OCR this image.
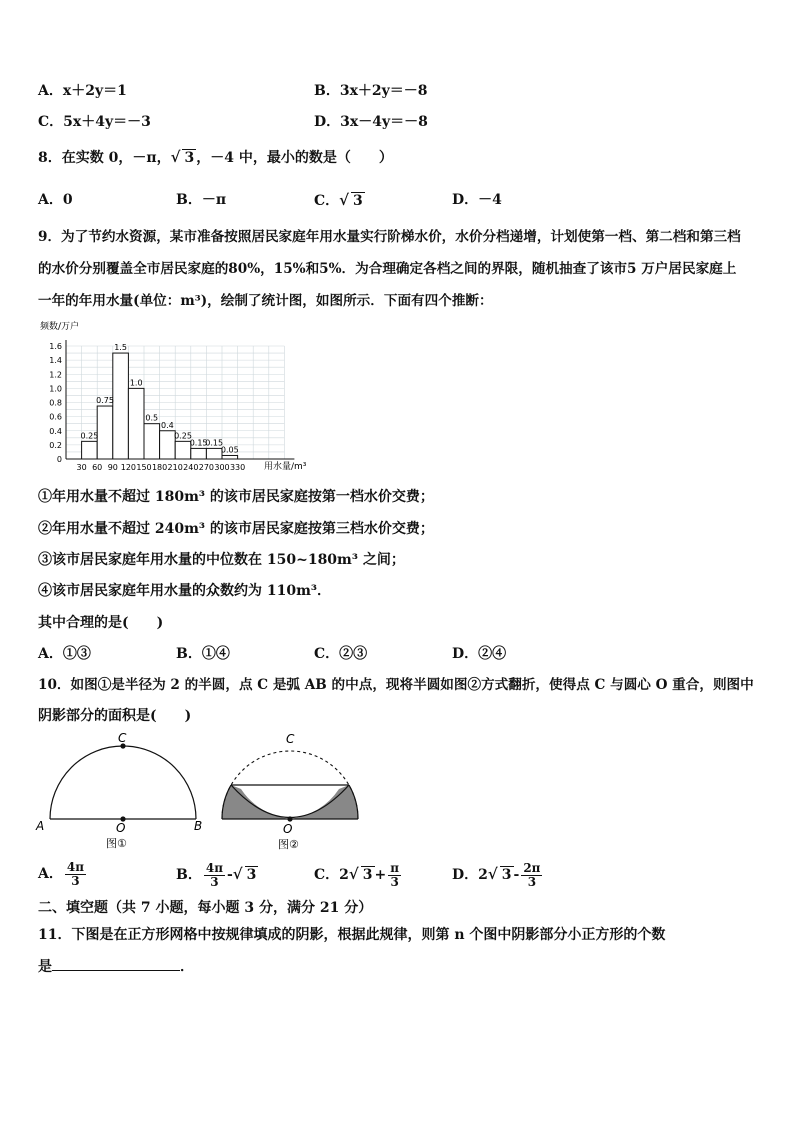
A．x＋2y＝1	B．3x＋2y＝－8
C．5x＋4y＝－3	D．3x－4y＝－8
8．在实数 0，－π，√ 3 ，－4 中，最小的数是（　　）
A．0	B．－π	C．√ 3	D．－4
9．为了节约水资源，某市准备按照居民家庭年用水量实行阶梯水价，水价分档递增，计划使第一档、第二档和第三档
的水价分别覆盖全市居民家庭的80%，15%和5%．为合理确定各档之间的界限，随机抽查了该市5 万户居民家庭上
一年的年用水量(单位：m³)，绘制了统计图，如图所示．下面有四个推断：
频数/万户
0
0.2
0.4
0.6
0.8
1.0
1.2
1.4
1.6
30 60 90 120 150 180 210 240 270 300 330
0.25
0.75
1.5
1.0
0.5
0.4
0.25
0.15
0.15
0.05
用水量/m³
①年用水量不超过 180m³ 的该市居民家庭按第一档水价交费；
②年用水量不超过 240m³ 的该市居民家庭按第三档水价交费；
③该市居民家庭年用水量的中位数在 150~180m³ 之间；
④该市居民家庭年用水量的众数约为 110m³．
其中合理的是(　　)
A．①③	B．①④	C．②③	D．②④
10．如图①是半径为 2 的半圆，点 C 是弧 AB 的中点，现将半圆如图②方式翻折，使得点 C 与圆心 O 重合，则图中
阴影部分的面积是(　　)
C
A	B
O
图①
C
O
图②
A． $\frac{4\pi}{3}$	B． $\frac{4\pi}{3}$ -√ 3	C．2√ $3 + \frac{\pi}{3}$	D．2√ $3 - \frac{2\pi}{3}$
二、填空题（共 7 小题，每小题 3 分，满分 21 分）
11．下图是在正方形网格中按规律填成的阴影，根据此规律，则第 n 个图中阴影部分小正方形的个数
是	．
